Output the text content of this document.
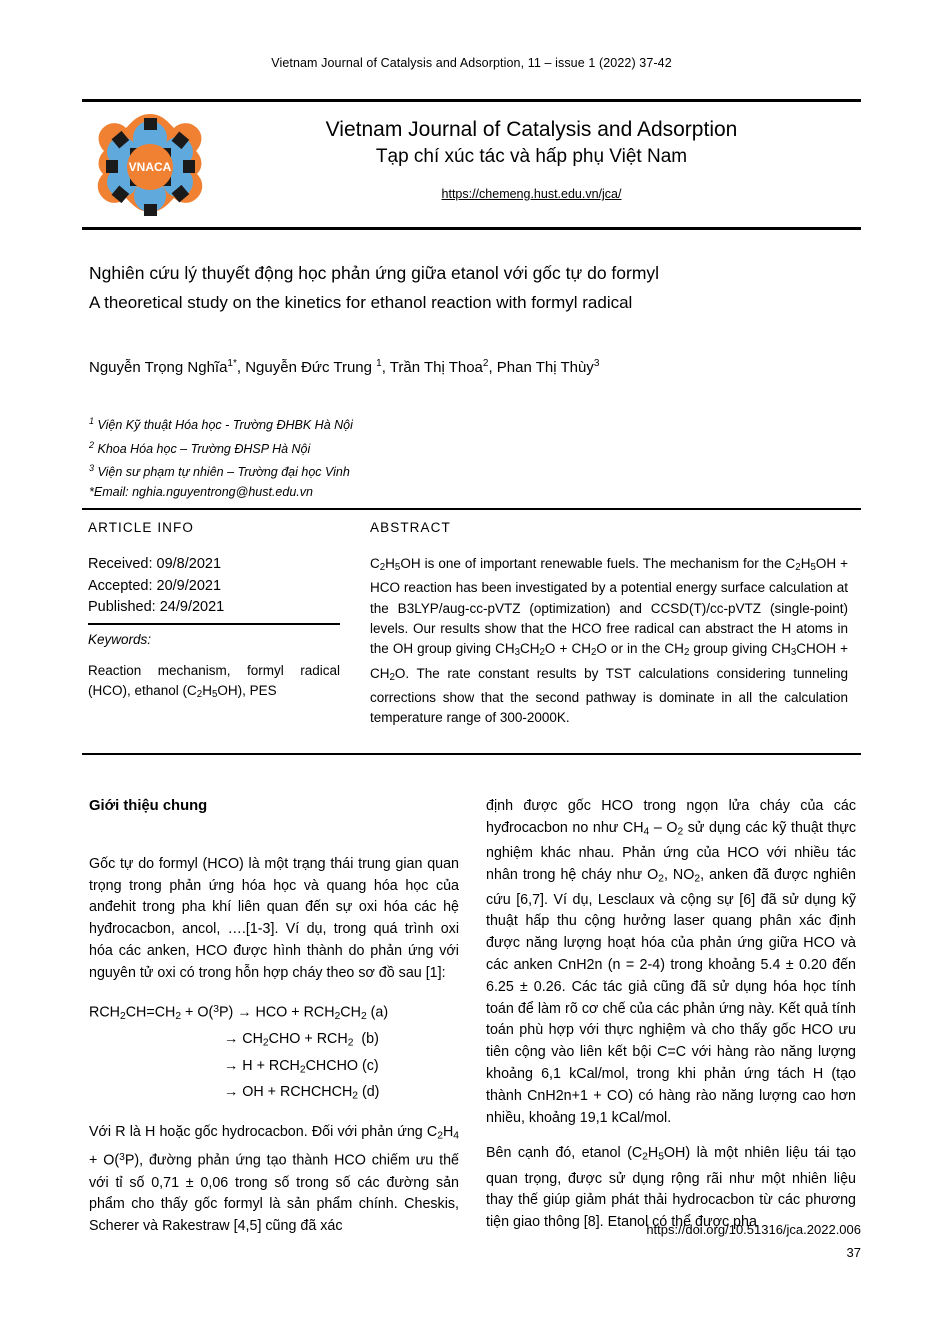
Vietnam Journal of Catalysis and Adsorption, 11 – issue 1 (2022) 37-42
VNACA
Vietnam Journal of Catalysis and Adsorption
Tạp chí xúc tác và hấp phụ Việt Nam
https://chemeng.hust.edu.vn/jca/
Nghiên cứu lý thuyết động học phản ứng giữa etanol với gốc tự do formyl
A theoretical study on the kinetics for ethanol reaction with formyl radical
Nguyễn Trọng Nghĩa$^{1*}$, Nguyễn Đức Trung $^1$, Trần Thị Thoa$^2$, Phan Thị Thùy$^3$
$^1$ Viện Kỹ thuật Hóa học - Trường ĐHBK Hà Nội
$^2$ Khoa Hóa học – Trường ĐHSP Hà Nội
$^3$ Viện sư phạm tự nhiên – Trường đại học Vinh
*Email: nghia.nguyentrong@hust.edu.vn
ARTICLE INFO
Received: 09/8/2021
Accepted: 20/9/2021
Published: 24/9/2021
Keywords:
Reaction mechanism, formyl radical (HCO), ethanol $(C_2H_5OH)$, PES
ABSTRACT
$C_2H_5OH$ is one of important renewable fuels. The mechanism for the $C_2H_5OH$ + HCO reaction has been investigated by a potential energy surface calculation at the B3LYP/aug-cc-pVTZ (optimization) and CCSD(T)/cc-pVTZ (single-point) levels. Our results show that the HCO free radical can abstract the H atoms in the OH group giving $CH_3CH_2O + CH_2O$ or in the $CH_2$ group giving $CH_3CHOH + CH_2O$. The rate constant results by TST calculations considering tunneling corrections show that the second pathway is dominate in all the calculation temperature range of 300-2000K.
Giới thiệu chung

Gốc tự do formyl (HCO) là một trạng thái trung gian quan trọng trong phản ứng hóa học và quang hóa học của anđehit trong pha khí liên quan đến sự oxi hóa các hệ hyđrocacbon, ancol, ….[1-3]. Ví dụ, trong quá trình oxi hóa các anken, HCO được hình thành do phản ứng với nguyên tử oxi có trong hỗn hợp cháy theo sơ đồ sau [1]:

$RCH_2CH=CH_2 + O(^3P)$ → HCO + $RCH_2CH_2$ (a)
→ $CH_2CHO + RCH_2$  (b)
→ $H + RCH_2CHCHO$ (c)
→ OH + $RCHCHCH_2$ (d)

Với R là H hoặc gốc hydrocacbon. Đối với phản ứng $C_2H_4 + O(^3P)$, đường phản ứng tạo thành HCO chiếm ưu thế với tỉ số 0,71 ± 0,06 trong số trong số các đường sản phẩm cho thấy gốc formyl là sản phẩm chính. Cheskis, Scherer và Rakestraw [4,5] cũng đã xác

định được gốc HCO trong ngọn lửa cháy của các hyđrocacbon no như $CH_4 - O_2$ sử dụng các kỹ thuật thực nghiệm khác nhau. Phản ứng của HCO với nhiều tác nhân trong hệ cháy như $O_2$, $NO_2$, anken đã được nghiên cứu [6,7]. Ví dụ, Lesclaux và cộng sự [6] đã sử dụng kỹ thuật hấp thu cộng hưởng laser quang phân xác định được năng lượng hoạt hóa của phản ứng giữa HCO và các anken CnH2n (n = 2-4) trong khoảng 5.4 ± 0.20 đến 6.25 ± 0.26. Các tác giả cũng đã sử dụng hóa học tính toán để làm rõ cơ chế của các phản ứng này. Kết quả tính toán phù hợp với thực nghiệm và cho thấy gốc HCO ưu tiên cộng vào liên kết bội C=C với hàng rào năng lượng khoảng 6,1 kCal/mol, trong khi phản ứng tách H (tạo thành CnH2n+1 + CO) có hàng rào năng lượng cao hơn nhiều, khoảng 19,1 kCal/mol.

Bên cạnh đó, etanol $(C_2H_5OH)$ là một nhiên liệu tái tạo quan trọng, được sử dụng rộng rãi như một nhiên liệu thay thế giúp giảm phát thải hydrocacbon từ các phương tiện giao thông [8]. Etanol có thể được pha

https://doi.org/10.51316/jca.2022.006
37
